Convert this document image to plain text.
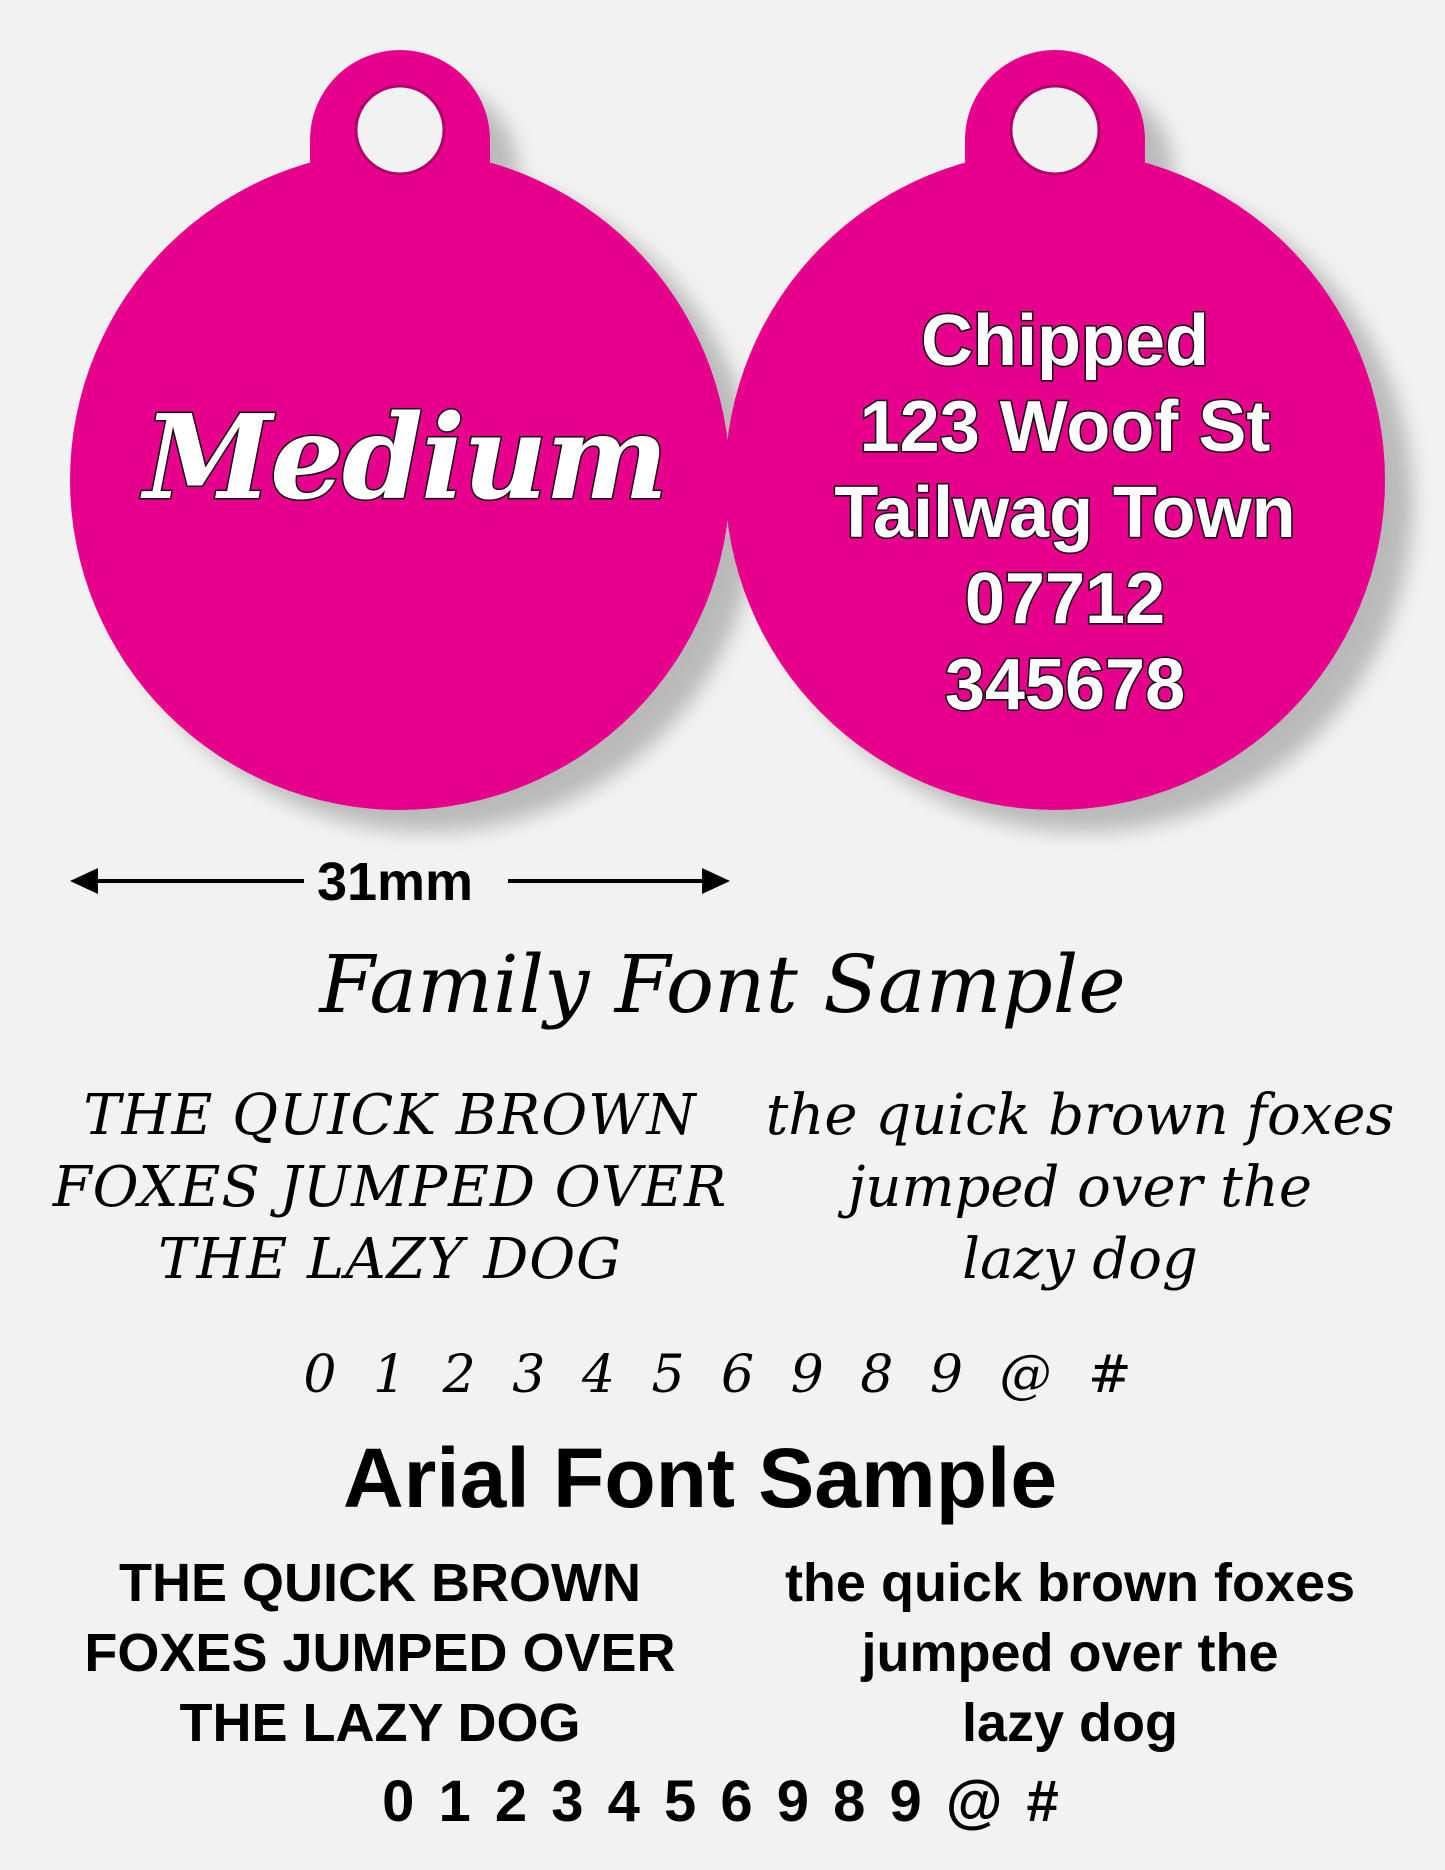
Medium
Chipped
123 Woof St
Tailwag Town
07712
345678
31mm
Family Font Sample
THE QUICK BROWN
FOXES JUMPED OVER
THE LAZY DOG
the quick brown foxes
jumped over the
lazy dog
0 1 2 3 4 5 6 9 8 9 @ #
Arial Font Sample
THE QUICK BROWN
FOXES JUMPED OVER
THE LAZY DOG
the quick brown foxes
jumped over the
lazy dog
0 1 2 3 4 5 6 9 8 9 @ #
